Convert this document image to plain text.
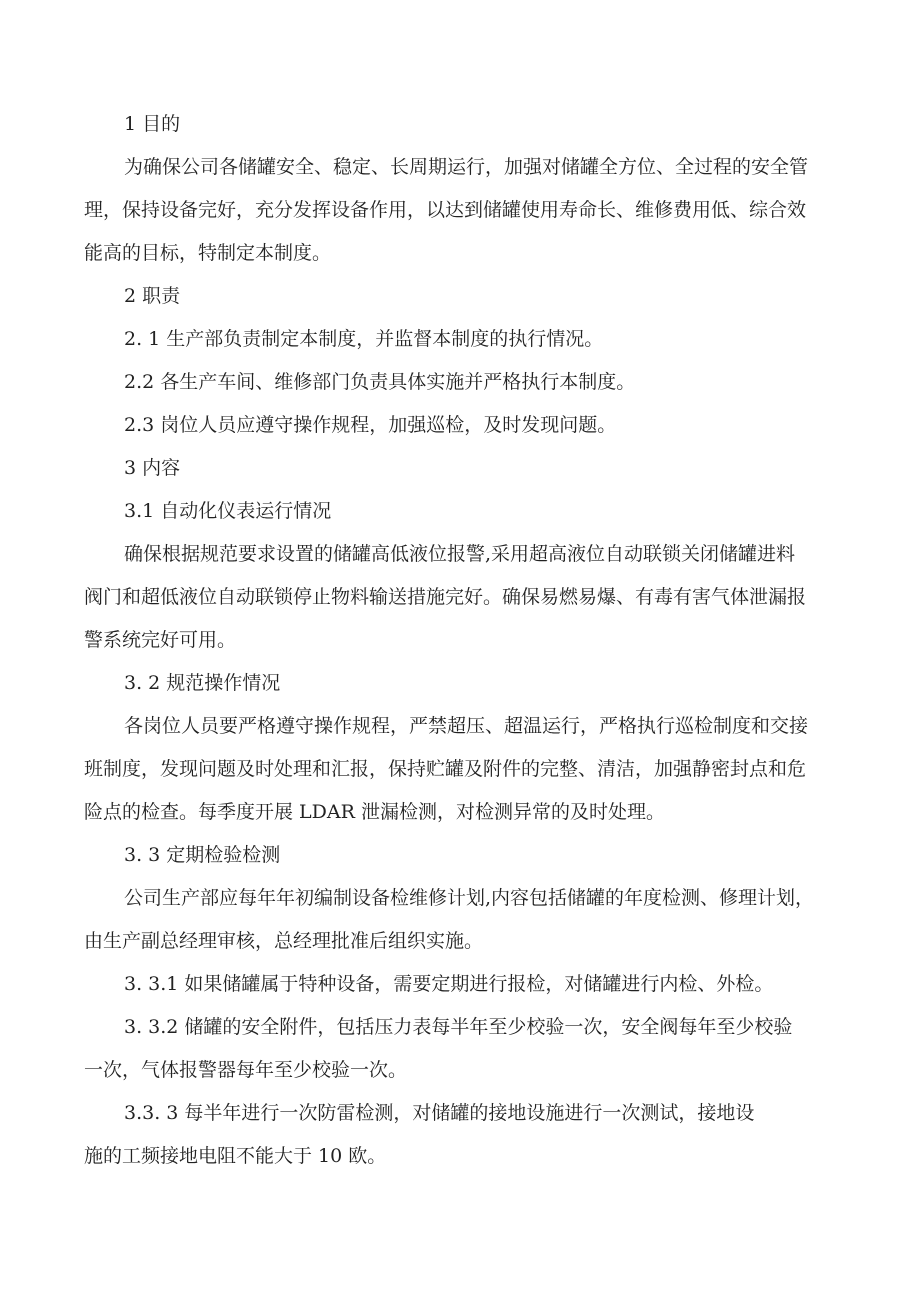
1 目的

为确保公司各储罐安全、稳定、长周期运行，加强对储罐全方位、全过程的安全管

理，保持设备完好，充分发挥设备作用，以达到储罐使用寿命长、维修费用低、综合效

能高的目标，特制定本制度。

2 职责

2. 1 生产部负责制定本制度，并监督本制度的执行情况。

2.2 各生产车间、维修部门负责具体实施并严格执行本制度。

2.3 岗位人员应遵守操作规程，加强巡检，及时发现问题。

3 内容

3.1 自动化仪表运行情况

确保根据规范要求设置的储罐高低液位报警,采用超高液位自动联锁关闭储罐进料

阀门和超低液位自动联锁停止物料输送措施完好。确保易燃易爆、有毒有害气体泄漏报

警系统完好可用。

3. 2 规范操作情况

各岗位人员要严格遵守操作规程，严禁超压、超温运行，严格执行巡检制度和交接

班制度，发现问题及时处理和汇报，保持贮罐及附件的完整、清洁，加强静密封点和危

险点的检查。每季度开展 LDAR 泄漏检测，对检测异常的及时处理。

3. 3 定期检验检测

公司生产部应每年年初编制设备检维修计划,内容包括储罐的年度检测、修理计划，

由生产副总经理审核，总经理批准后组织实施。

3. 3.1 如果储罐属于特种设备，需要定期进行报检，对储罐进行内检、外检。

3. 3.2 储罐的安全附件，包括压力表每半年至少校验一次，安全阀每年至少校验

一次，气体报警器每年至少校验一次。

3.3. 3 每半年进行一次防雷检测，对储罐的接地设施进行一次测试，接地设

施的工频接地电阻不能大于 10 欧。
